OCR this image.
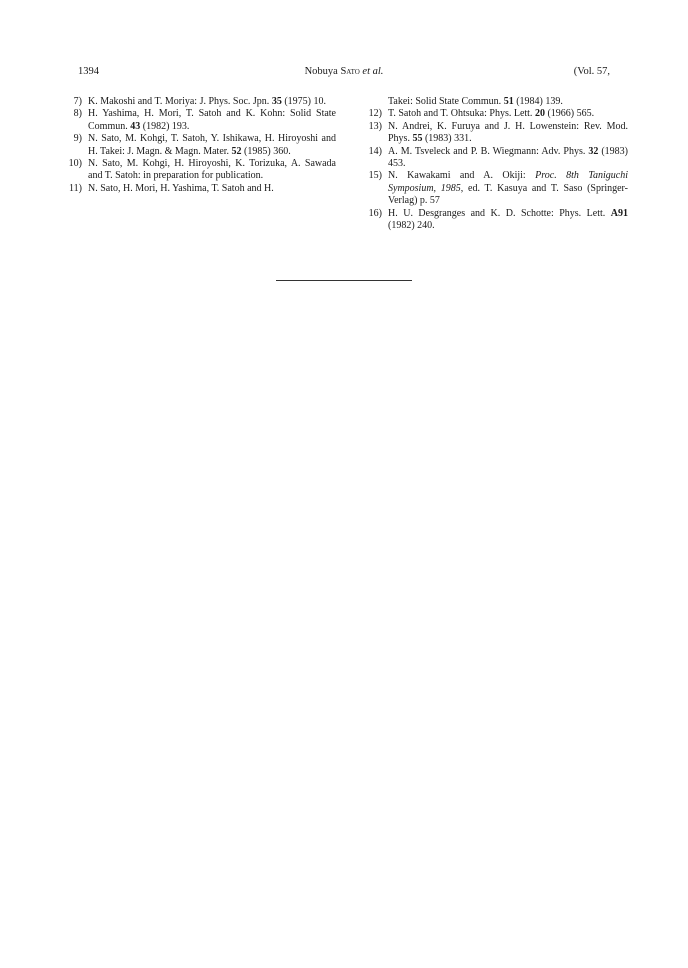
1394	Nobuya Sato et al.	(Vol. 57,
7) K. Makoshi and T. Moriya: J. Phys. Soc. Jpn. 35 (1975) 10.
8) H. Yashima, H. Mori, T. Satoh and K. Kohn: Solid State Commun. 43 (1982) 193.
9) N. Sato, M. Kohgi, T. Satoh, Y. Ishikawa, H. Hiroyoshi and H. Takei: J. Magn. & Magn. Mater. 52 (1985) 360.
10) N. Sato, M. Kohgi, H. Hiroyoshi, K. Torizuka, A. Sawada and T. Satoh: in preparation for publication.
11) N. Sato, H. Mori, H. Yashima, T. Satoh and H.
Takei: Solid State Commun. 51 (1984) 139.
12) T. Satoh and T. Ohtsuka: Phys. Lett. 20 (1966) 565.
13) N. Andrei, K. Furuya and J. H. Lowenstein: Rev. Mod. Phys. 55 (1983) 331.
14) A. M. Tsveleck and P. B. Wiegmann: Adv. Phys. 32 (1983) 453.
15) N. Kawakami and A. Okiji: Proc. 8th Taniguchi Symposium, 1985, ed. T. Kasuya and T. Saso (Springer-Verlag) p. 57
16) H. U. Desgranges and K. D. Schotte: Phys. Lett. A91 (1982) 240.
